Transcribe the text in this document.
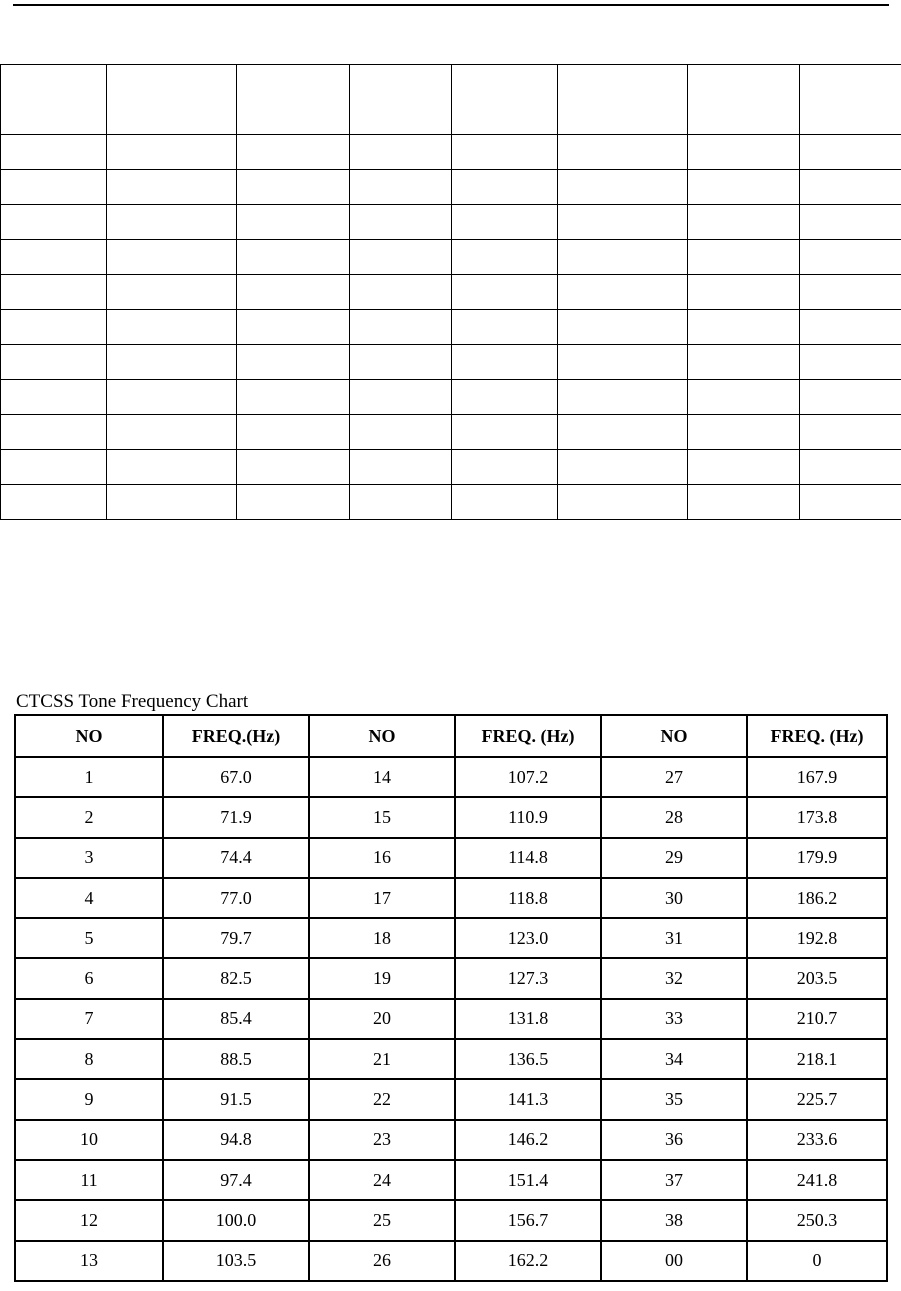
CTCSS Tone Frequency Chart
NO	FREQ.(Hz)	NO	FREQ. (Hz)	NO	FREQ. (Hz)
1	67.0	14	107.2	27	167.9
2	71.9	15	110.9	28	173.8
3	74.4	16	114.8	29	179.9
4	77.0	17	118.8	30	186.2
5	79.7	18	123.0	31	192.8
6	82.5	19	127.3	32	203.5
7	85.4	20	131.8	33	210.7
8	88.5	21	136.5	34	218.1
9	91.5	22	141.3	35	225.7
10	94.8	23	146.2	36	233.6
11	97.4	24	151.4	37	241.8
12	100.0	25	156.7	38	250.3
13	103.5	26	162.2	00	0
